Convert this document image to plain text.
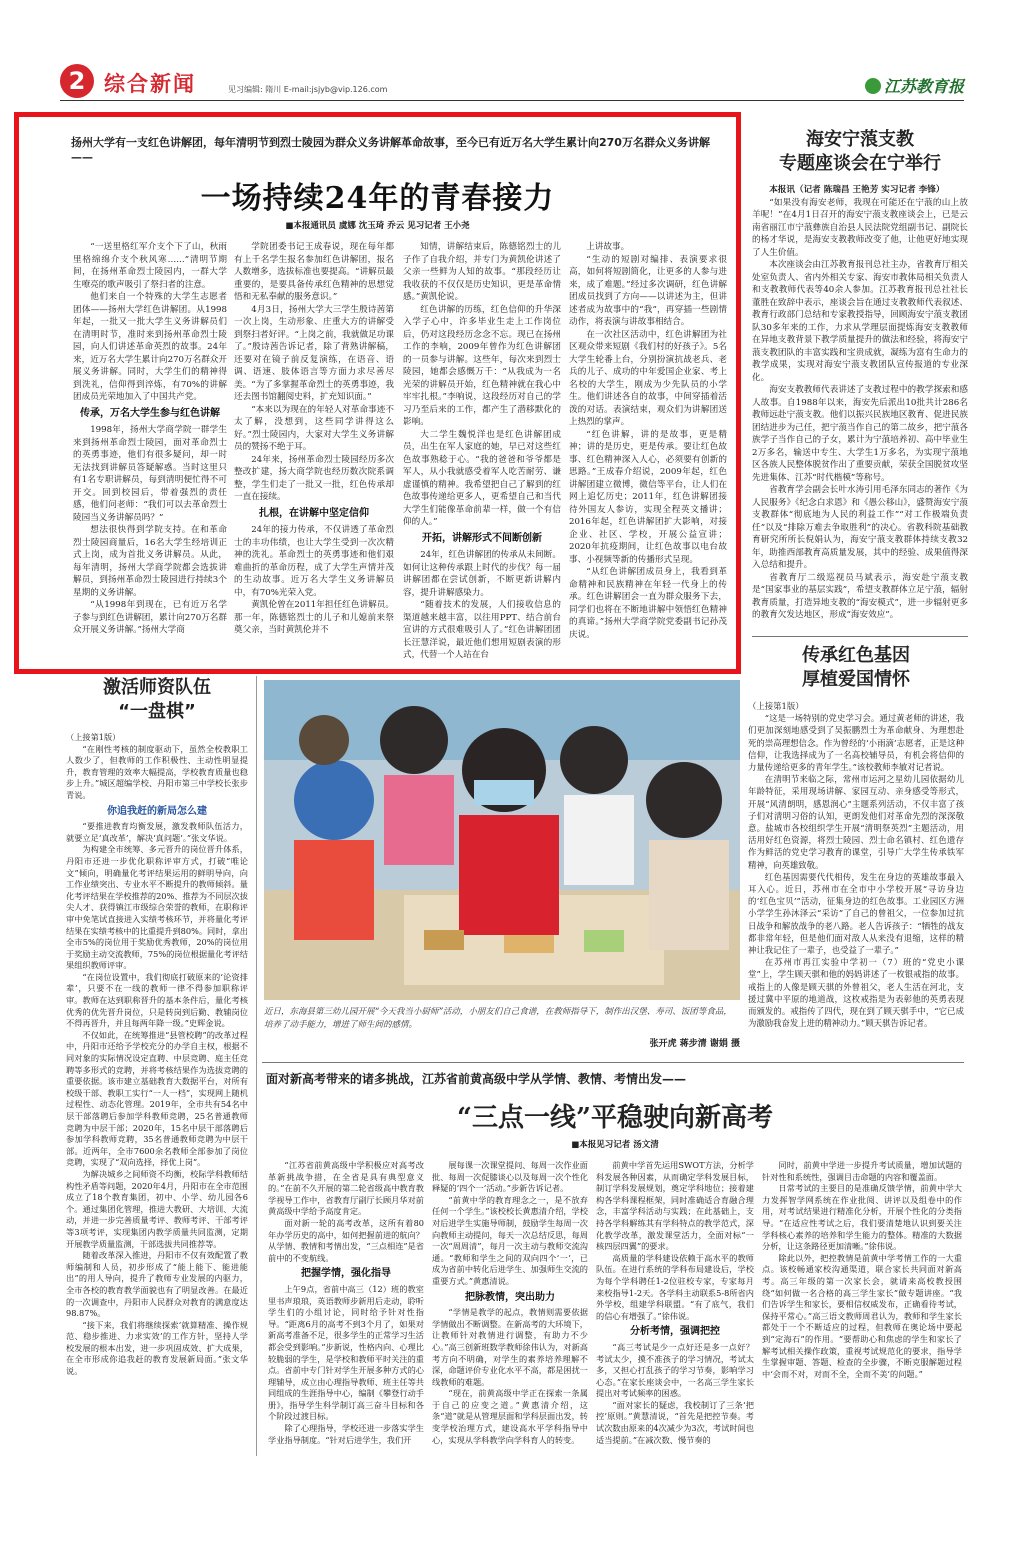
2 综合新闻	见习编辑: 隋川 E-mail:jsjyb@vip.126.com	江苏教育报
扬州大学有一支红色讲解团，每年清明节到烈士陵园为群众义务讲解革命故事，至今已有近万名大学生累计向270万名群众义务讲解——
一场持续24年的青春接力
■本报通讯员 虞娜 沈玉琦 乔云 见习记者 王小尧

“一送里格红军介支个下了山，秋雨里格绵绵介支个秋风寒……”清明节期间，在扬州革命烈士陵园内，一群大学生嘹亮的歌声吸引了祭扫者的注意。

他们来自一个特殊的大学生志愿者团体——扬州大学红色讲解团。从1998年起，一批又一批大学生义务讲解员们在清明时节，准时来到扬州革命烈士陵园，向人们讲述革命英烈的故事。24年来，近万名大学生累计向270万名群众开展义务讲解。同时，大学生们的精神得到洗礼，信仰得到淬炼，有70%的讲解团成员光荣地加入了中国共产党。

传承，万名大学生参与红色讲解

1998年，扬州大学商学院一群学生来到扬州革命烈士陵园，面对革命烈士的英勇事迹，他们有很多疑问，却一时无法找到讲解员答疑解惑。当时这里只有1名专职讲解员，每到清明便忙得不可开交。回到校园后，带着强烈的责任感，他们问老师：“我们可以去革命烈士陵园当义务讲解员吗？”

想法很快得到学院支持。在和革命烈士陵园商量后，16名大学生经培训正式上岗，成为首批义务讲解员。从此，每年清明，扬州大学商学院都会选拔讲解员，到扬州革命烈士陵园进行持续3个星期的义务讲解。

“从1998年到现在，已有近万名学子参与到红色讲解团，累计向270万名群众开展义务讲解。”扬州大学商

学院团委书记王成春说，现在每年都有上千名学生报名参加红色讲解团，报名人数增多，选拔标准也要提高。“讲解员最重要的，是要具备传承红色精神的思想觉悟和无私奉献的服务意识。”

4月3日，扬州大学大三学生殷诗茜第一次上岗，生动形象、庄重大方的讲解受到祭扫者好评。“上岗之前，我就做足功课了。”殷诗茜告诉记者，除了背熟讲解稿，还要对在镜子前反复演练，在语音、语调、语速、肢体语言等方面力求尽善尽美。“为了多掌握革命烈士的英勇事迹，我还去图书馆翻阅史料，扩充知识面。”

“本来以为现在的年轻人对革命事迹不太了解，没想到，这些同学讲得这么好。”烈士陵园内，大家对大学生义务讲解员的赞扬不绝于耳。

24年来，扬州革命烈士陵园经历多次整改扩建，扬大商学院也经历数次院系调整，学生们走了一批又一批，红色传承却一直在接续。

扎根，在讲解中坚定信仰

24年的接力传承，不仅讲透了革命烈士的丰功伟绩，也让大学生受到一次次精神的洗礼。革命烈士的英勇事迹和他们艰难曲折的革命历程，成了大学生声情并茂的生动故事。近万名大学生义务讲解员中，有70%光荣入党。

黄凯伦曾在2011年担任红色讲解员。那一年，陈德铭烈士的儿子和儿媳前来祭奠父亲，当时黄凯伦并不

知情，讲解结束后，陈德铭烈士的儿子作了自我介绍，并专门为黄凯伦讲述了父亲一些鲜为人知的故事。“那段经历让我收获的不仅仅是历史知识，更是革命情感。”黄凯伦说。

红色讲解的历练，红色信仰的升华深入学子心中，许多毕业生走上工作岗位后，仍对这段经历念念不忘。现已在扬州工作的李响，2009年曾作为红色讲解团的一员参与讲解。这些年，每次来到烈士陵园，她都会感慨万千：“从我成为一名光荣的讲解员开始，红色精神就在我心中牢牢扎根。”李响说，这段经历对自己的学习乃至后来的工作，都产生了潜移默化的影响。

大二学生魏悦洋也是红色讲解团成员，出生在军人家庭的她，早已对这些红色故事熟稔于心。“我的爸爸和爷爷都是军人，从小我就感受着军人吃苦耐劳、谦虚谨慎的精神。我希望把自己了解到的红色故事传递给更多人，更希望自己和当代大学生们能像革命前辈一样，做一个有信仰的人。”

开拓，讲解形式不间断创新

24年，红色讲解团的传承从未间断。如何让这种传承跟上时代的步伐？每一届讲解团都在尝试创新，不断更新讲解内容，提升讲解感染力。

“随着技术的发展，人们接收信息的渠道越来越丰富，以往用PPT、结合前台宣讲的方式很难吸引人了。”红色讲解团团长汪慧洋说，最近他们想用短剧表演的形式，代替一个人站在台

上讲故事。

“生动的短剧对编排、表演要求很高，如何将短剧简化，让更多的人参与进来，成了难题。”经过多次调研，红色讲解团成员找到了方向——以讲述为主，但讲述者成为故事中的“我”，再穿插一些剧情动作，将表演与讲故事相结合。

在一次社区活动中，红色讲解团为社区观众带来短剧《我们村的好孩子》。5名大学生轮番上台，分别扮演抗战老兵、老兵的儿子、成功的中年爱国企业家、考上名校的大学生，刚成为少先队员的小学生。他们讲述各自的故事，中间穿插着活泼的对话。表演结束，观众们为讲解团送上热烈的掌声。

“红色讲解，讲的是故事，更是精神；讲的是历史，更是传承。要让红色故事、红色精神深入人心，必须要有创新的思路。”王成春介绍说，2009年起，红色讲解团建立微博，微信等平台，让人们在网上追忆历史；2011年，红色讲解团接待外国友人参访，实现全程英文播讲；2016年起，红色讲解团扩大影响，对接企业、社区、学校，开展公益宣讲；2020年抗疫期间，让红色故事以电台故事、小视频等新的传播形式呈现。

“从红色讲解团成员身上，我看到革命精神和民族精神在年轻一代身上的传承。红色讲解团会一直为群众服务下去，同学们也将在不断地讲解中领悟红色精神的真谛。”扬州大学商学院党委副书记孙茂庆说。

海安宁蒗支教
专题座谈会在宁举行
本报讯（记者 陈瑞昌 王艳芳 实习记者 李锋）

“如果没有海安老师，我现在可能还在宁蒗的山上放羊呢！”在4月1日召开的海安宁蒗支教座谈会上，已是云南省丽江市宁蒗彝族自治县人民法院党组副书记、副院长的杨才华说，是海安支教教师改变了他，让他更好地实现了人生价值。

本次座谈会由江苏教育报刊总社主办，省教育厅相关处室负责人、省内外相关专家、海安市教体局相关负责人和支教教师代表等40余人参加。江苏教育报刊总社社长董胜在致辞中表示，座谈会旨在通过支教教师代表叙述、教育行政部门总结和专家教授指导，回顾海安宁蒗支教团队30多年来的工作，力求从学理层面提炼海安支教教师在异地支教背景下教学质量提升的做法和经验，将海安宁蒗支教团队的丰富实践和宝贵成就，凝练为富有生命力的教学成果，实现对海安宁蒗支教团队宣传报道的专业深化。

海安支教教师代表讲述了支教过程中的教学探索和感人故事。自1988年以来，海安先后派出10批共计286名教师远赴宁蒗支教。他们以振兴民族地区教育、促进民族团结进步为己任，把宁蒗当作自己的第二故乡，把宁蒗各族学子当作自己的子女，累计为宁蒗培养初、高中毕业生2万多名，输送中专生、大学生1万多名，为实现宁蒗地区各族人民整体脱贫作出了重要贡献，荣获全国脱贫攻坚先进集体、江苏“时代楷模”等称号。

省教育学会副会长叶水涛引用毛泽东同志的著作《为人民服务》《纪念白求恩》和《愚公移山》，盛赞海安宁蒗支教群体“彻底地为人民的利益工作”“对工作极端负责任”以及“排除万难去争取胜利”的决心。省教科院基础教育研究所所长倪娟认为，海安宁蒗支教群体持续支教32年，助推西部教育高质量发展，其中的经验、成果值得深入总结和提升。

省教育厅二级巡视员马斌表示，海安赴宁蒗支教是“国家事业的基层实践”，希望支教群体立足宁蒗，辐射教育质量，打造异地支教的“海安模式”，进一步辐射更多的教育欠发达地区，形成“海安效应”。

激活师资队伍
“一盘棋”
（上接第1版）

“在刚性考核的制度驱动下，虽然全校教职工人数少了，但教师的工作积极性、主动性明显提升，教育管理的效率大幅提高，学校教育质量也稳步上升。”城区超编学校、丹阳市第三中学校长张步青说。

你追我赶的新局怎么建

“要推进教育均衡发展，激发教师队伍活力，就要立足‘真改革’，解决‘真问题’。”张文华说。

为构建全市统筹、多元晋升的岗位晋升体系，丹阳市还进一步优化职称评审方式，打破“唯论文”倾向，明确量化考评结果运用的鲜明导向，向工作业绩突出、专业水平不断提升的教师倾斜。量化考评结果在学校推荐的20%、推荐为不同层次拔尖人才、获得镇江市级综合荣誉的教师，在职称评审中免笔试直接进入实绩考核环节，并将量化考评结果在实绩考核中的比重提升到80%。同时，拿出全市5%的岗位用于奖励优秀教师，20%的岗位用于奖励主动交流教师，75%的岗位根据量化考评结果组织教师评审。

“在岗位设置中，我们彻底打破原来的‘论资排辈’，只要不在一线的教师一律不得参加职称评审。教师在达到职称晋升的基本条件后，量化考核优秀的优先晋升岗位，只是转岗到后勤、教辅岗位不得再晋升，并且每两年降一级。”史辉金说。

不仅如此，在统筹推进“县管校聘”的改革过程中，丹阳市还给予学校充分的办学自主权，根据不同对象的实际情况设定直聘、中层竞聘、庭主任竞聘等多形式的竞聘，并将考核结果作为选拔竞聘的重要依据。该市建立基础教育大数据平台，对所有校级干部、教职工实行“一人一档”，实现网上随机过程性、动态化管理。2019年，全市共有54名中层干部落聘后参加学科教师竞聘，25名普通教师竞聘为中层干部；2020年，15名中层干部落聘后参加学科教师竞聘，35名普通教师竞聘为中层干部。近两年，全市7600余名教师全部参加了岗位竞聘，实现了“双向选择，择优上岗”。

为解决城乡之间师资不均衡，校际学科教师结构性矛盾等问题，2020年4月，丹阳市在全市范围成立了18个教育集团，初中、小学、幼儿园各6个。通过集团化管理，推进大教研、大培训、大流动，并进一步完善质量考评、教师考评、干部考评等3项考评，实现集团内教学质量共同监测，定期开展教学质量监测，干部选拔共同推荐等。

随着改革深入推进，丹阳市不仅有效配置了教师编制和人员，初步形成了“能上能下、能进能出”的用人导向，提升了教师专业发展的内驱力，全市各校的教育教学面貌也有了明显改善。在最近的一次调查中，丹阳市人民群众对教育的满意度达98.87%。

“接下来，我们将继续探索‘就算精准、操作规范、稳步推进、力求实效’的工作方针，坚持人学校发展的根本出发，进一步巩固成效、扩大成果，在全市形成你追我赶的教育发展新局面。”张文华说。

近日，东海县第三幼儿园开展“今天我当小厨师”活动，小朋友们自己食谱，在教师指导下，制作出汉堡、寿司、饭团等食品，培养了动手能力，增进了师生间的感情。
张开虎 蒋步清 谢娟 摄
传承红色基因
厚植爱国情怀
（上接第1版）

“这是一场特别的党史学习会。通过黄老师的讲述，我们更加深刻地感受到了吴振鹏烈士为革命献身、为理想赴死的崇高理想信念。作为曾经的‘小雨滴’志愿者，正是这种信仰，让我选择成为了一名高校辅导员，有机会将信仰的力量传递给更多的青年学生。”该校教师李敏对记者说。

在清明节来临之际，常州市运河之星幼儿园依据幼儿年龄特征，采用现场讲解、家园互动、亲身感受等形式，开展“风清朗明，感恩润心”主题系列活动，不仅丰富了孩子们对清明习俗的认知，更朗发他们对革命先烈的深深敬意。盐城市各校组织学生开展“清明祭英烈”主题活动，用活用好红色资源，将烈士陵园、烈士命名镇村、红色遗存作为鲜活的党史学习教育的课堂，引导广大学生传承铁军精神，向英雄致敬。

红色基因需要代代相传，发生在身边的英雄故事最入耳入心。近日，苏州市在全市中小学校开展“寻访身边的‘红色宝贝’”活动，征集身边的红色故事。工业园区方洲小学学生孙沐泽云“采访”了自己的曾祖父，一位参加过抗日战争和解放战争的老八路。老人告诉孩子：“牺牲的战友都非常年轻，但是他们面对敌人从来没有退缩，这样的精神让我记住了一辈子，也受益了一辈子。”

在苏州市再江实验中学初一（7）班的“党史小课堂”上，学生顾天骐和他的妈妈讲述了一枚银戒指的故事。戒指上的人像是顾天骐的外曾祖父，老人生活在河北，支援过冀中平原的地道战，这枚戒指是为表彰他的英勇表现而颁发的。戒指传了四代，现在到了顾天骐手中，“它已成为激励我奋发上进的精神动力。”顾天骐告诉记者。

面对新高考带来的诸多挑战，江苏省前黄高级中学从学情、教情、考情出发——
“三点一线”平稳驶向新高考
■本报见习记者 汤文清

“江苏省前黄高级中学积极应对高考改革新挑战争措，在全省是具有典型意义的。”在前不久开展的第二轮省级高中教育教学视导工作中，省教育厅副厅长顾月华对前黄高级中学给予高度肯定。

面对新一轮的高考改革，这所有着80年办学历史的高中，如何把握前进的航向？从学情、教情和考情出发，“三点相连”是省前中的不变航线。

把握学情，强化指导

上午9点，省前中高三（12）班的教室里书声琅琅，英语教师步新用后走动，聆听学生们的小组讨论，同时给予针对性指导。“距离6月的高考不到3个月了，如果对新高考准备不足，很多学生的正常学习生活都会受到影响。”步新说，性格内向、心理比较脆弱的学生，是学校和教师平时关注的重点。省前中专门针对学生开展多种方式的心理辅导，成立由心理指导教师、班主任等共同组成的生涯指导中心，编制《攀登行动手册》，指导学生科学制订高三奋斗目标和各个阶段过渡目标。

除了心理指导，学校还进一步落实学生学业指导制度。“针对后进学生，我们开

展每课一次课堂提问、每周一次作业面批、每周一次促膝谈心以及每周一次个性化释疑的‘四个一’活动。”步新告诉记者。

“前黄中学的教育理念之一，是不放弃任何一个学生。”该校校长黄惠清介绍，学校对后进学生实施导师制，鼓励学生每周一次向教师主动提问，每天一次总结反思，每周一次“周周清”，每月一次主动与教师交流沟通。“教师和学生之间的双向四个‘一’，已成为省前中转化后进学生、加强师生交流的重要方式。”黄惠清说。

把脉教情，突出助力

“学情是教学的起点，教情则需要依据学情做出不断调整。在新高考的大环境下，让教师针对教情进行调整，有助力不少心。”高三创新班数学教师徐伟认为，对新高考方向不明确，对学生的素养培养理解不深，命题评价专业化水平不高，都是困扰一线教师的难题。

“现在，前黄高级中学正在探索一条属于自己的应变之道。”黄惠清介绍，这条“道”就是从管理层面和学科层面出发，转变学校治理方式，建设高水平学科指导中心，实现从学科教学向学科育人的转变。

前黄中学首先运用SWOT方法，分析学科发展各种因素，从而确定学科发展目标，制订学科发展规划，奠定学科地位；接着建构各学科课程框架，同时准确适合育融合理念，丰富学科活动与实践；在此基础上，支持各学科解练其有学科特点的教学范式，深化教学改革，激发课堂活力，全面对标“一核四层四翼”的要求。

高质量的学科建设依赖于高水平的教师队伍。在进行系统的学科布局建设后，学校为每个学科聘任1-2位驻校专家，专家每月来校指导1-2天。各学科主动联系5-8所省内外学校，组建学科联盟。“有了底气，我们的信心有增强了。”徐伟说。

分析考情，强调把控

“高三考试是少一点好还是多一点好？考试太少，摸不准孩子的学习情况，考试太多，又担心打乱孩子的学习节奏，影响学习心态。”在家长座谈会中，一名高三学生家长提出对考试频率的困惑。

“面对家长的疑虑，我校制订了三条‘把控’原则。”黄慧清说，“首先是把控节奏。考试次数由原来的4次减少为3次，考试时间也适当提前。”在减次数、慢节奏的

同时，前黄中学进一步提升考试质量，增加试题的针对性和系统性，强调目击命题的内容和覆盖面。

日常考试的主要目的是准确反馈学情，前黄中学大力发挥智学网系统在作业批阅、讲评以及组卷中的作用，对考试结果进行精准化分析，开展个性化的分类指导。“在适应性考试之后，我们要清楚地认识到要关注学科核心素养的培养和学生能力的整体。精准的大数据分析，让这条路径更加清晰。”徐伟说。

除此以外，把控教情是前黄中学考情工作的一大重点。该校畅通家校沟通渠道，联合家长共同面对新高考。高三年级的第一次家长会，就请来高校教授围绕“如何做一名合格的高三学生家长”做专题讲座。“我们告诉学生和家长，要相信权威发布，正确看待考试，保持平常心。”高三语文教师周君认为，教师和学生家长都处于一个不断适应的过程，但教师在奥论场中要起到“定海石”的作用。“要帮助心和焦虑的学生和家长了解考试相关操作政策，重视考试规范化的要求，指导学生掌握审题、答题、检查的全步骤，不断克服解题过程中‘会而不对，对而不全，全而不美’的问题。”
